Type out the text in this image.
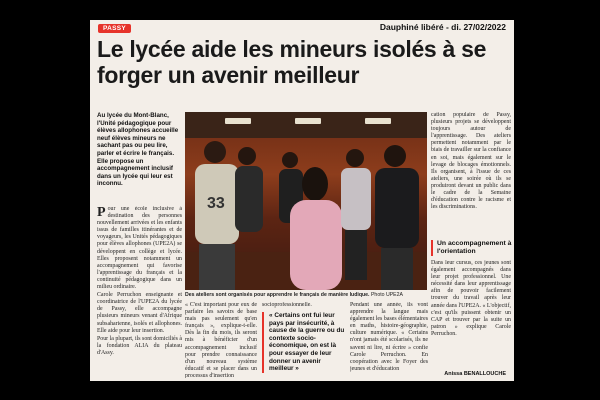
PASSY	Dauphiné libéré - di. 27/02/2022
Le lycée aide les mineurs isolés à se forger un avenir meilleur

Au lycée du Mont-Blanc, l'Unité pédagogique pour élèves allophones accueille neuf élèves mineurs ne sachant pas ou peu lire, parler et écrire le français. Elle propose un accompagnement inclusif dans un lycée qui leur est inconnu.

Pour une école inclusive à destination des personnes nouvellement arrivées et les enfants issus de familles itinérantes et de voyageurs, les Unités pédagogiques pour élèves allophones (UPE2A) se développent en collège et lycée. Elles proposent notamment un accompagnement qui favorise l'apprentissage du français et la continuité pédagogique dans un milieu ordinaire.

Carole Perruchon enseignante et coordinatrice de l'UPE2A du lycée de Passy, elle accompagne plusieurs mineurs venant d'Afrique subsaharienne, isolés et allophones. Elle aide pour leur insertion.

Pour la plupart, ils sont domiciliés à la fondation ALIA du plateau d'Assy.

33
Des ateliers sont organisés pour apprendre le français de manière ludique. Photo UPE2A

« C'est important pour eux de parfaire les savoirs de base mais pas seulement qu'en français », explique-t-elle. Dès la fin du mois, ils seront mis à bénéficier d'un accompagnement inclusif pour prendre connaissance d'un nouveau système éducatif et se placer dans un processus d'insertion

socioprofessionnelle.

« Certains ont fui leur pays par insécurité, à cause de la guerre ou du contexte socio-économique, on est là pour essayer de leur donner un avenir meilleur »

Pendant une année, ils vont apprendre la langue mais également les bases élémentaires en maths, histoire-géographie, culture numérique. « Certains n'ont jamais été scolarisés, ils ne savent ni lire, ni écrire » confie Carole Perruchon. En coopération avec le Foyer des jeunes et d'éducation

cation populaire de Passy, plusieurs projets se développent toujours autour de l'apprentissage. Des ateliers permettent notamment par le biais de travailler sur la confiance en soi, mais également sur le levage de blocages émotionnels. Ils organisent, à l'issue de ces ateliers, une soirée où ils se produiront devant un public dans le cadre de la Semaine d'éducation contre le racisme et les discriminations.

Un accompagnement à l'orientation

Dans leur cursus, ces jeunes sont également accompagnés dans leur projet professionnel. Une nécessité dans leur apprentissage afin de pouvoir facilement trouver du travail après leur année dans l'UPE2A. « L'objectif, c'est qu'ils puissent obtenir un CAP et trouver par la suite un patron » explique Carole Perruchon.

Anissa BENALLOUCHE
